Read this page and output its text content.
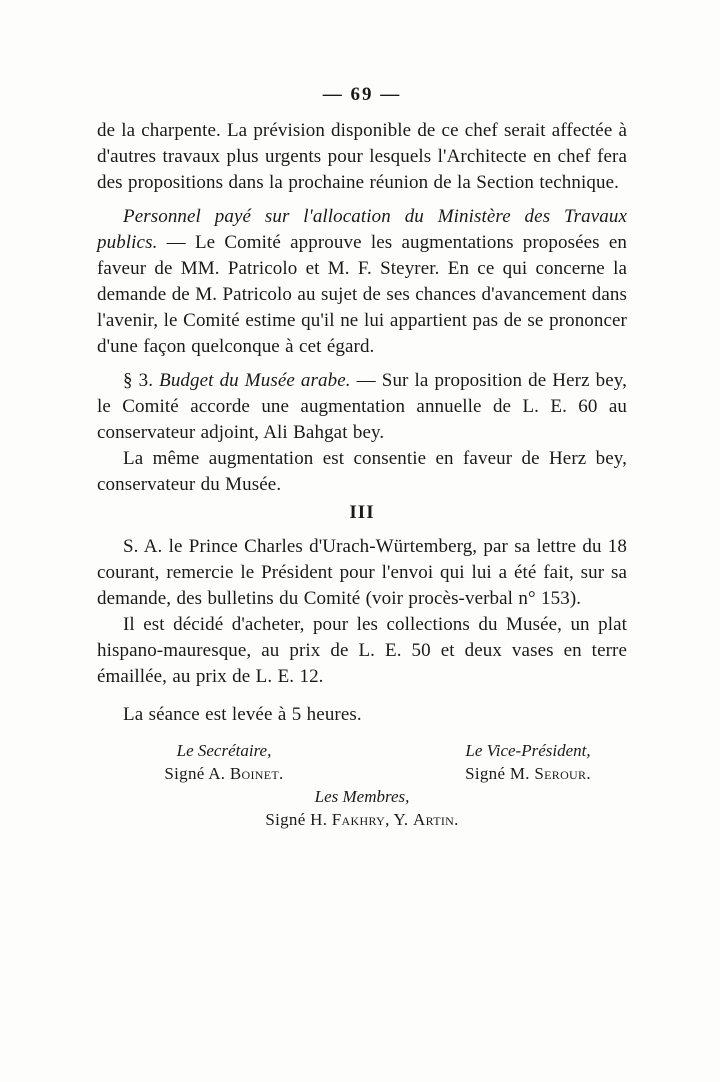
— 69 —

de la charpente. La prévision disponible de ce chef serait affectée à d'autres travaux plus urgents pour lesquels l'Architecte en chef fera des propositions dans la prochaine réunion de la Section technique.

Personnel payé sur l'allocation du Ministère des Travaux publics. — Le Comité approuve les augmentations proposées en faveur de MM. Patricolo et M. F. Steyrer. En ce qui concerne la demande de M. Patricolo au sujet de ses chances d'avancement dans l'avenir, le Comité estime qu'il ne lui appartient pas de se prononcer d'une façon quelconque à cet égard.

§ 3. Budget du Musée arabe. — Sur la proposition de Herz bey, le Comité accorde une augmentation annuelle de L. E. 60 au conservateur adjoint, Ali Bahgat bey.

La même augmentation est consentie en faveur de Herz bey, conservateur du Musée.

III

S. A. le Prince Charles d'Urach-Würtemberg, par sa lettre du 18 courant, remercie le Président pour l'envoi qui lui a été fait, sur sa demande, des bulletins du Comité (voir procès-verbal n° 153).

Il est décidé d'acheter, pour les collections du Musée, un plat hispano-mauresque, au prix de L. E. 50 et deux vases en terre émaillée, au prix de L. E. 12.

La séance est levée à 5 heures.

Le Secrétaire,
Signé A. Boinet.
Le Vice-Président,
Signé M. Serour.
Les Membres,
Signé H. Fakhry, Y. Artin.
